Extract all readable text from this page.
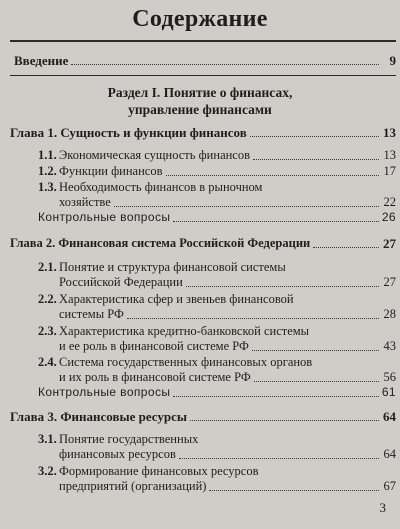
Содержание
Введение	9
Раздел I. Понятие о финансах,
управление финансами
Глава 1. Сущность и функции финансов	13
1.1. Экономическая сущность финансов	13
1.2. Функции финансов	17
1.3. Необходимость финансов в рыночном
хозяйстве	22
Контрольные вопросы	26
Глава 2. Финансовая система Российской Федерации	27
2.1. Понятие и структура финансовой системы
Российской Федерации	27
2.2. Характеристика сфер и звеньев финансовой
системы РФ	28
2.3. Характеристика кредитно-банковской системы
и ее роль в финансовой системе РФ	43
2.4. Система государственных финансовых органов
и их роль в финансовой системе РФ	56
Контрольные вопросы	61
Глава 3. Финансовые ресурсы	64
3.1. Понятие государственных
финансовых ресурсов	64
3.2. Формирование финансовых ресурсов
предприятий (организаций)	67
3
